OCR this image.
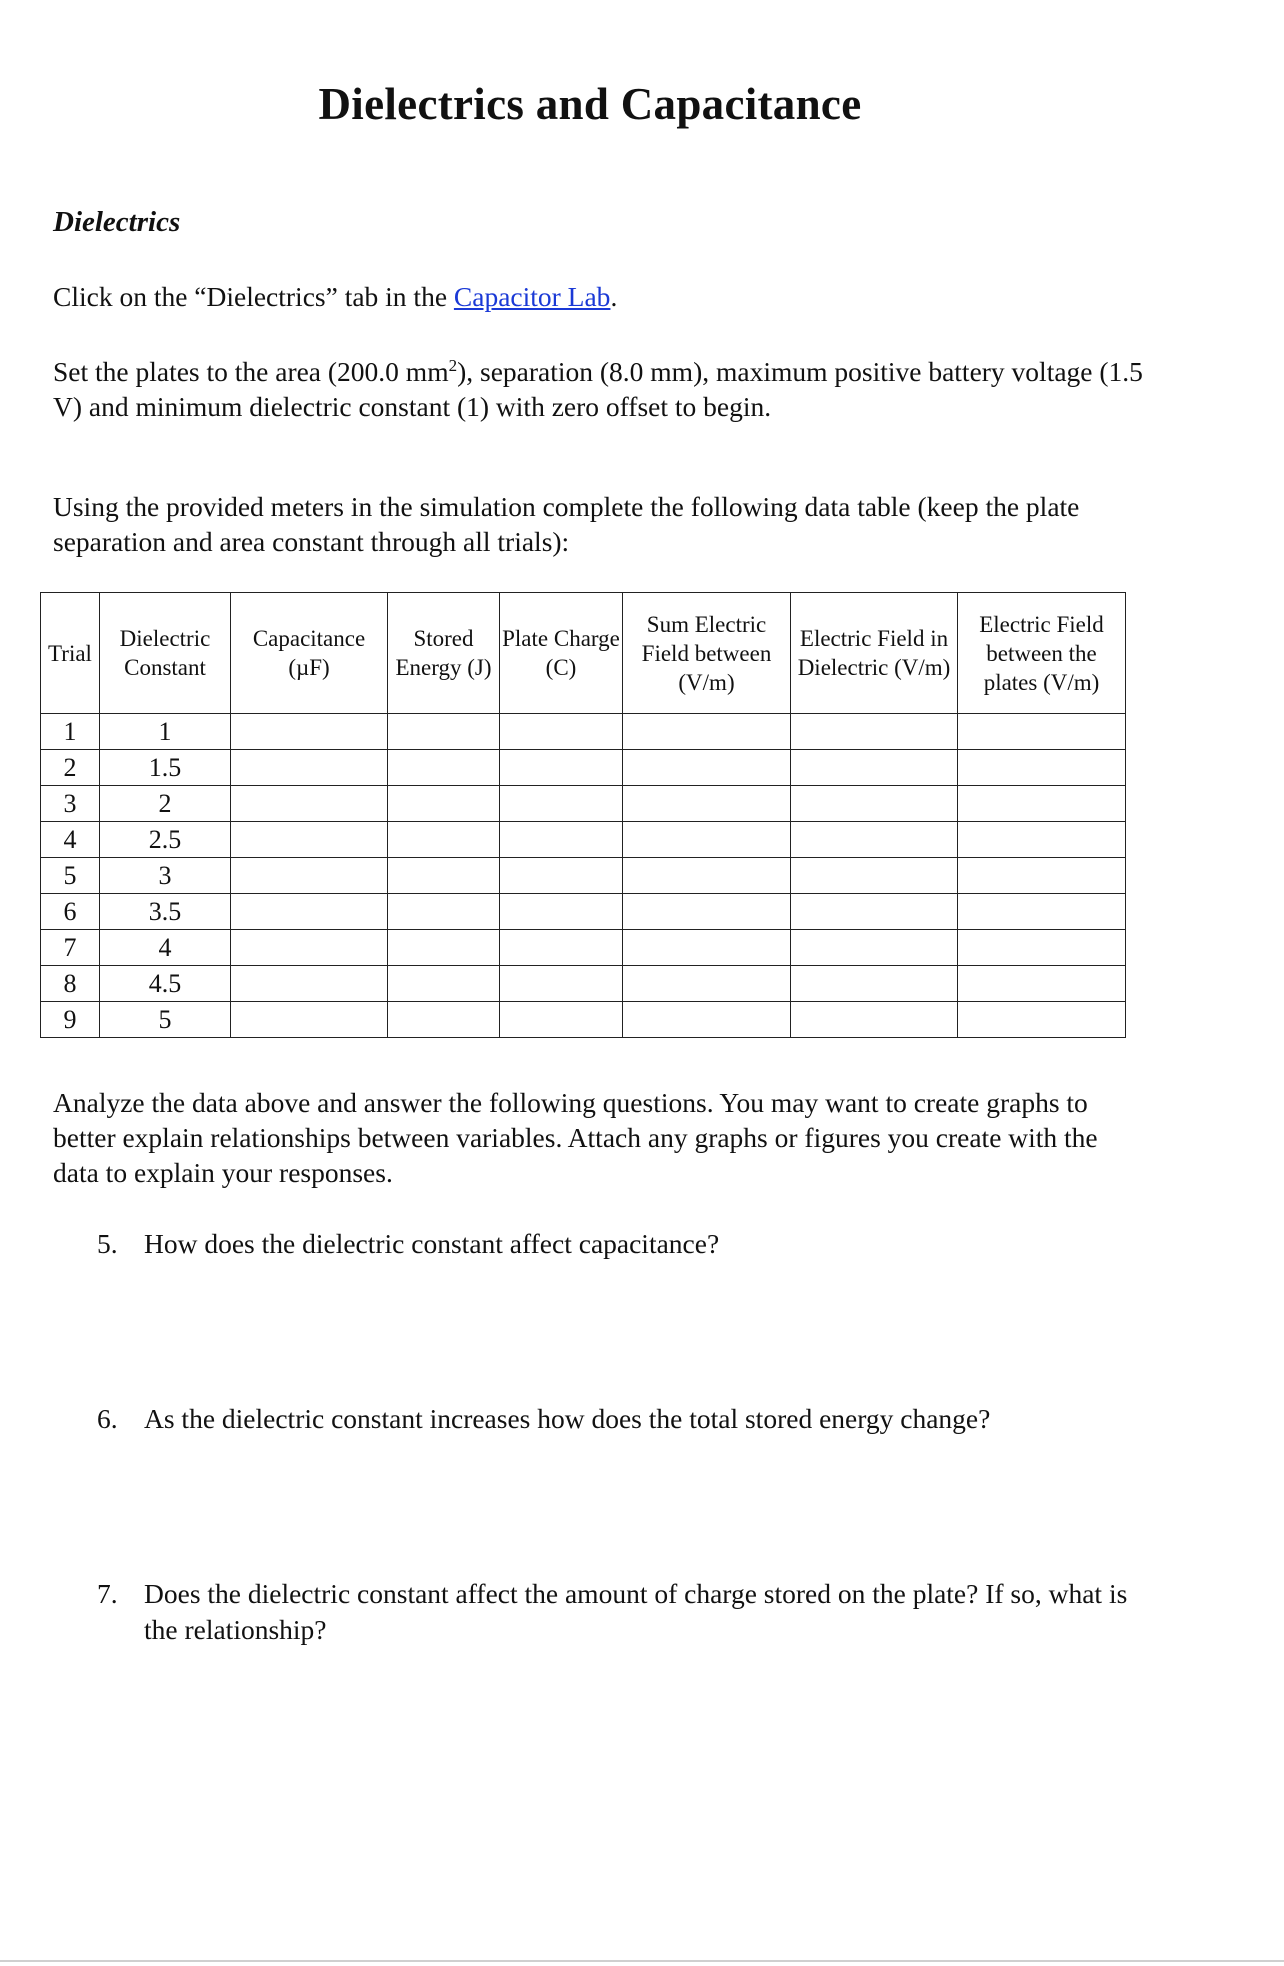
Dielectrics and Capacitance
Dielectrics
Click on the “Dielectrics” tab in the Capacitor Lab.
Set the plates to the area (200.0 $mm^2$), separation (8.0 mm), maximum positive battery voltage (1.5 V) and minimum dielectric constant (1) with zero offset to begin.
Using the provided meters in the simulation complete the following data table (keep the plate separation and area constant through all trials):
Trial	Dielectric Constant	Capacitance (µF)	Stored Energy (J)	Plate Charge (C)	Sum Electric Field between (V/m)	Electric Field in Dielectric (V/m)	Electric Field between the plates (V/m)
1	1						
2	1.5						
3	2						
4	2.5						
5	3						
6	3.5						
7	4						
8	4.5						
9	5						
Analyze the data above and answer the following questions. You may want to create graphs to better explain relationships between variables. Attach any graphs or figures you create with the data to explain your responses.
5. How does the dielectric constant affect capacitance?
6. As the dielectric constant increases how does the total stored energy change?
7. Does the dielectric constant affect the amount of charge stored on the plate? If so, what is the relationship?
